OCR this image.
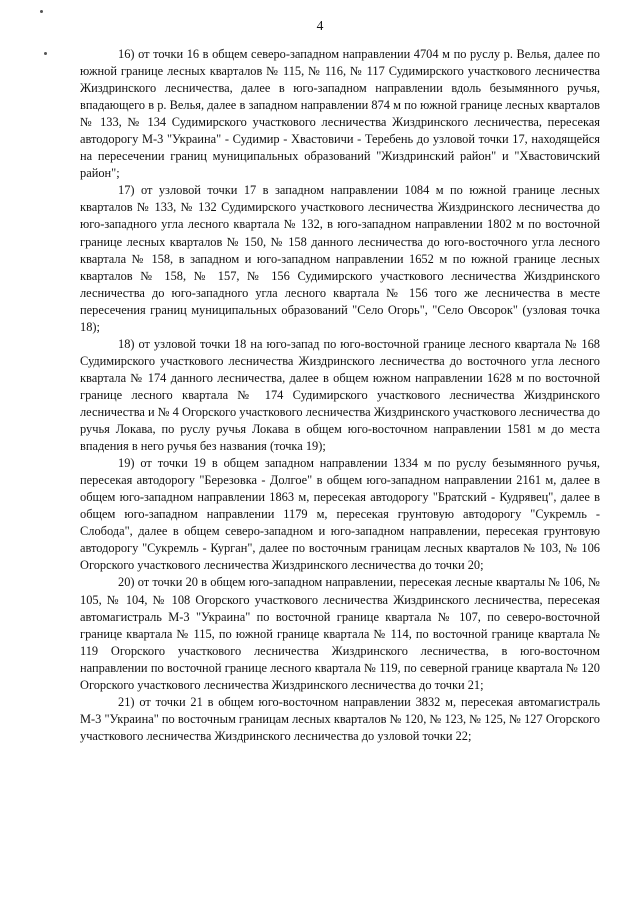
4

16) от точки 16 в общем северо-западном направлении 4704 м по руслу р. Велья, далее по южной границе лесных кварталов № 115, № 116, № 117 Судимирского участкового лесничества Жиздринского лесничества, далее в юго-западном направлении вдоль безымянного ручья, впадающего в р. Велья, далее в западном направлении 874 м по южной границе лесных кварталов № 133, № 134 Судимирского участкового лесничества Жиздринского лесничества, пересекая автодорогу М-3 "Украина" - Судимир - Хвастовичи - Теребень до узловой точки 17, находящейся на пересечении границ муниципальных образований "Жиздринский район" и "Хвастовичский район";

17) от узловой точки 17 в западном направлении 1084 м по южной границе лесных кварталов № 133, № 132 Судимирского участкового лесничества Жиздринского лесничества до юго-западного угла лесного квартала № 132, в юго-западном направлении 1802 м по восточной границе лесных кварталов № 150, № 158 данного лесничества до юго-восточного угла лесного квартала № 158, в западном и юго-западном направлении 1652 м по южной границе лесных кварталов № 158, № 157, № 156 Судимирского участкового лесничества Жиздринского лесничества до юго-западного угла лесного квартала № 156 того же лесничества в месте пересечения границ муниципальных образований "Село Огорь", "Село Овсорок" (узловая точка 18);

18) от узловой точки 18 на юго-запад по юго-восточной границе лесного квартала № 168 Судимирского участкового лесничества Жиздринского лесничества до восточного угла лесного квартала № 174 данного лесничества, далее в общем южном направлении 1628 м по восточной границе лесного квартала № 174 Судимирского участкового лесничества Жиздринского лесничества и № 4 Огорского участкового лесничества Жиздринского участкового лесничества до ручья Локава, по руслу ручья Локава в общем юго-восточном направлении 1581 м до места впадения в него ручья без названия (точка 19);

19) от точки 19 в общем западном направлении 1334 м по руслу безымянного ручья, пересекая автодорогу "Березовка - Долгое" в общем юго-западном направлении 2161 м, далее в общем юго-западном направлении 1863 м, пересекая автодорогу "Братский - Кудрявец", далее в общем юго-западном направлении 1179 м, пересекая грунтовую автодорогу "Сукремль - Слобода", далее в общем северо-западном и юго-западном направлении, пересекая грунтовую автодорогу "Сукремль - Курган", далее по восточным границам лесных кварталов № 103, № 106 Огорского участкового лесничества Жиздринского лесничества до точки 20;

20) от точки 20 в общем юго-западном направлении, пересекая лесные кварталы № 106, № 105, № 104, № 108 Огорского участкового лесничества Жиздринского лесничества, пересекая автомагистраль М-3 "Украина" по восточной границе квартала № 107, по северо-восточной границе квартала № 115, по южной границе квартала № 114, по восточной границе квартала № 119 Огорского участкового лесничества Жиздринского лесничества, в юго-восточном направлении по восточной границе лесного квартала № 119, по северной границе квартала № 120 Огорского участкового лесничества Жиздринского лесничества до точки 21;

21) от точки 21 в общем юго-восточном направлении 3832 м, пересекая автомагистраль М-3 "Украина" по восточным границам лесных кварталов № 120, № 123, № 125, № 127 Огорского участкового лесничества Жиздринского лесничества до узловой точки 22;
